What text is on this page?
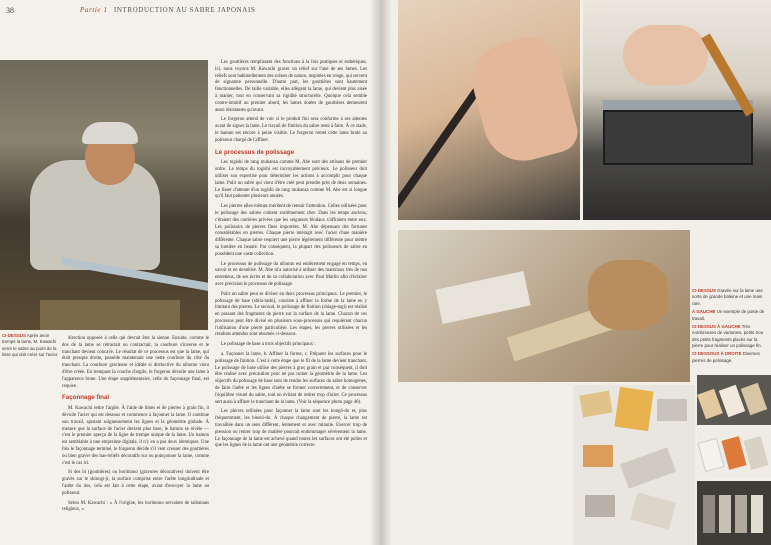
38	Partie 1 INTRODUCTION AU SABRE JAPONAIS
CI-DESSUS Après avoir trempé la lame, M. Kawachi serre le sabre au point de la lisse qui doit créer sur l'acier.

direction opposée à celle qui devrait être la sienne. Ensuite, comme le dos de la lame se rétractait ou contractait, la courbure s'inverse et le tranchant devient concave. Le résultat de ce processus est que la lame, qui était presque droite, possède maintenant une nette courbure du côté du tranchant. La courbure gracieuse et idéale si distinctive du nihonto vient d'être créée. En trempant la couche d'argile, le forgeron dévoile une lame à l'apparence brute. Une étape supplémentaire, celle du façonnage final, est requise.

Façonnage final

M. Kawachi retire l'argile. À l'aide de limes et de pierres à grain fin, il dévoile l'acier qui est dessous et commence à façonner la lame. Il continue son travail, ajustant soigneusement les lignes et la géométrie globale. À mesure que la surface de l'acier devient plus lisse, le hamon se révèle — c'est le premier aperçu de la ligne de trempe unique de la lame. Un hamon est semblable à une empreinte digitale, il n'y en a pas deux identiques. Une fois le façonnage terminé, le forgeron décide s'il veut creuser des gouttières ou bien graver des bas-reliefs décoratifs sur ou poinçonner la lame, comme c'est le cas ici.

Si des bi (gouttières) ou horimono (gravures décoratives) doivent être gravés sur le shinogi-ji, la surface comprise entre l'arête longitudinale et l'arête du dos, cela est fait à cette étape, avant d'envoyer la lame au polisseur.

Selon M. Kawachi : « À l'origine, les horimono servaient de talismans religieux, »

Les gouttières remplissent des fonctions à la fois pratiques et esthétiques. Ici, nous voyons M. Kawachi graver un relief sur l'une de ses lames. Les reliefs sont habituellement des scènes de nature, inspirées en rouge, qui servent de signature personnelle. D'autre part, les gouttières sont hautement fonctionnelles. De taille variable, elles allègent la lame, qui devient plus aisée à manier, tout en conservant sa rigidité structurelle. Quoique cela semble contre-intuitif au premier abord, les lames dotées de gouttières demeurent aussi résistantes qu'avant.

Le forgeron attend de voir si le produit fini sera conforme à ses attentes avant de signer la lame. Le travail de finition du sabre reste à faire. À ce stade, le hamon est encore à peine visible. Le forgeron remet cette lame brute au polisseur chargé de l'affiner.

Le processus de polissage

Les togishi de rang mukansa comme M. Abe sont des artisans de premier ordre. Le temps du togishi est incroyablement précieux. Le polisseur doit utiliser son expertise pour déterminer les actions à accomplir pour chaque lame. Polir un sabre qui vient d'être créé peut prendre près de deux semaines. Le lisser d'attente d'un togishi de rang mukansa comme M. Abe est si longue qu'il faut patienter plusieurs années.

Les pierres elles-mêmes méritent de retenir l'attention. Celles utilisées pour le polissage des sabres coûtent extrêmement cher. Dans les temps anciens, c'étaient des carrières privées que les seigneurs féodaux s'offraient entre eux. Les polissoirs de pierres fines importées. M. Abe dépensant des fortunes considérables en pierres. Chaque pierre interagit avec l'acier d'une manière différente. Chaque sabre requiert une pierre légèrement différente pour mettre sa lumière en beauté. Par conséquent, la plupart des polisseurs de sabre en possèdent une vaste collection.

Le processus de polissage du nihonto est entièrement engagé en temps, en savoir et en dextérité. M. Abe m'a autorisé à utiliser des matériaux très de nos entretiens, de ses écrits et de sa collaboration avec Paul Martin afin d'éclairer avec précision le processus de polissage.

Polir un sabre peut se diviser en deux processus principaux. Le premier, le polissage de base (shita-tashi), consiste à affiner la forme de la lame en y limitant des pierres. Le second, le polissage de finition (shiage-togi) est réalisé en passant des fragments de pierre sur la surface de la lame. Chacun de ces processus peut être divisé en plusieurs sous-processus qui requièrent chacun l'utilisation d'une pierre particulière. Les étapes, les pierres utilisées et les résultats attendus sont résumés ci-dessous.

Le polissage de base a trois objectifs principaux :

a. Façonner la lame, b. Affiner la forme, c. Préparer les surfaces pour le polissage de finition. C'est à cette étape que le fil de la lame devient tranchant. Le polissage de base utilise des pierres à gros grain et par conséquent, il doit être réalisé avec précaution pour ne pas ruiner la géométrie de la lame. Les objectifs du polissage de base sont de rendre les surfaces du sabre homogènes, de faire l'arête et les lignes d'arête se former correctement, et de conserver l'équilibre visuel du sabre, tout en évitant de retirer trop d'acier. Ce processus sert aussi à affiner le tranchant de la lame. (Voir la séquence photo page 48).

Les pierres utilisées pour façonner la lame sont les kongō-do et, plus fréquemment, les binsui-do. À chaque changement de pierre, la lame est travaillée dans un sens différent, lentement et avec minutie. Exercer trop de pression ou retirer trop de matière pourrait endommager sévèrement la lame. Le façonnage de la lame est achevé quand toutes les surfaces ont été polies et que les lignes de la lame ont une géométrie correcte.

CI-DESSUS Gravée sur la lame une sorte de grande baleine et une main rare.

À GAUCHE Un exemple de poste de travail.

CI-DESSUS À GAUCHE Très nombreuses de variantes, petits trou des petits fragments placés sur la pierre pour réaliser un polissage fin.

CI-DESSOUS À DROITE Diverses pierres de polissage.
